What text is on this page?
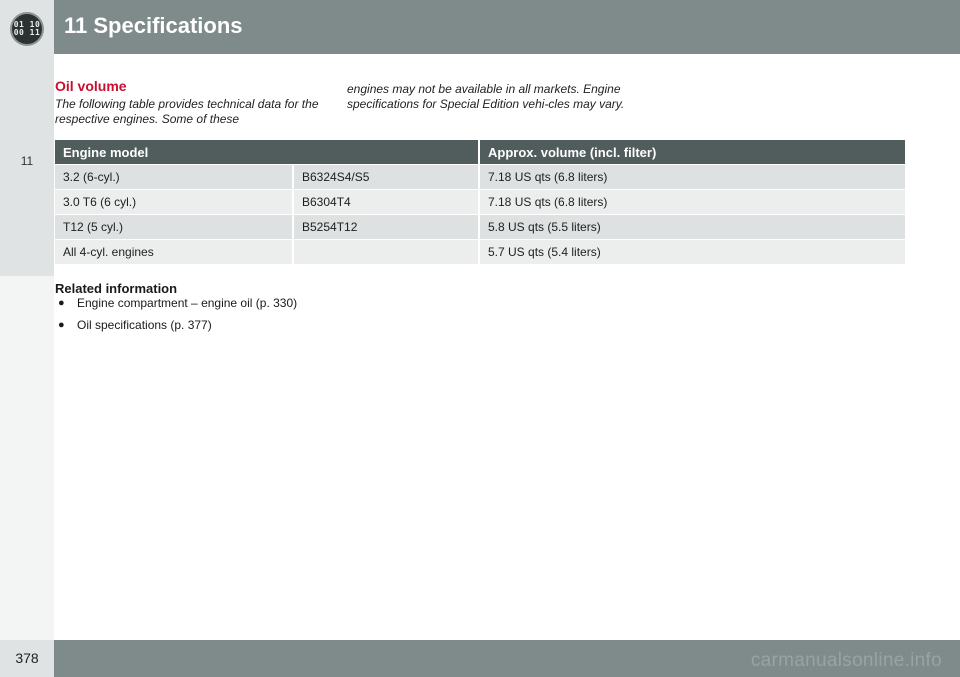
01 10
00 11 11 Specifications
11
Oil volume
The following table provides technical data for the respective engines. Some of these
engines may not be available in all markets. Engine specifications for Special Edition vehi-cles may vary.
Engine model		Approx. volume (incl. filter)
3.2 (6-cyl.)	B6324S4/S5	7.18 US qts (6.8 liters)
3.0 T6 (6 cyl.)	B6304T4	7.18 US qts (6.8 liters)
T12 (5 cyl.)	B5254T12	5.8 US qts (5.5 liters)
All 4-cyl. engines		5.7 US qts (5.4 liters)
Related information
● Engine compartment – engine oil (p. 330)
● Oil specifications (p. 377)
378	carmanualsonline.info
